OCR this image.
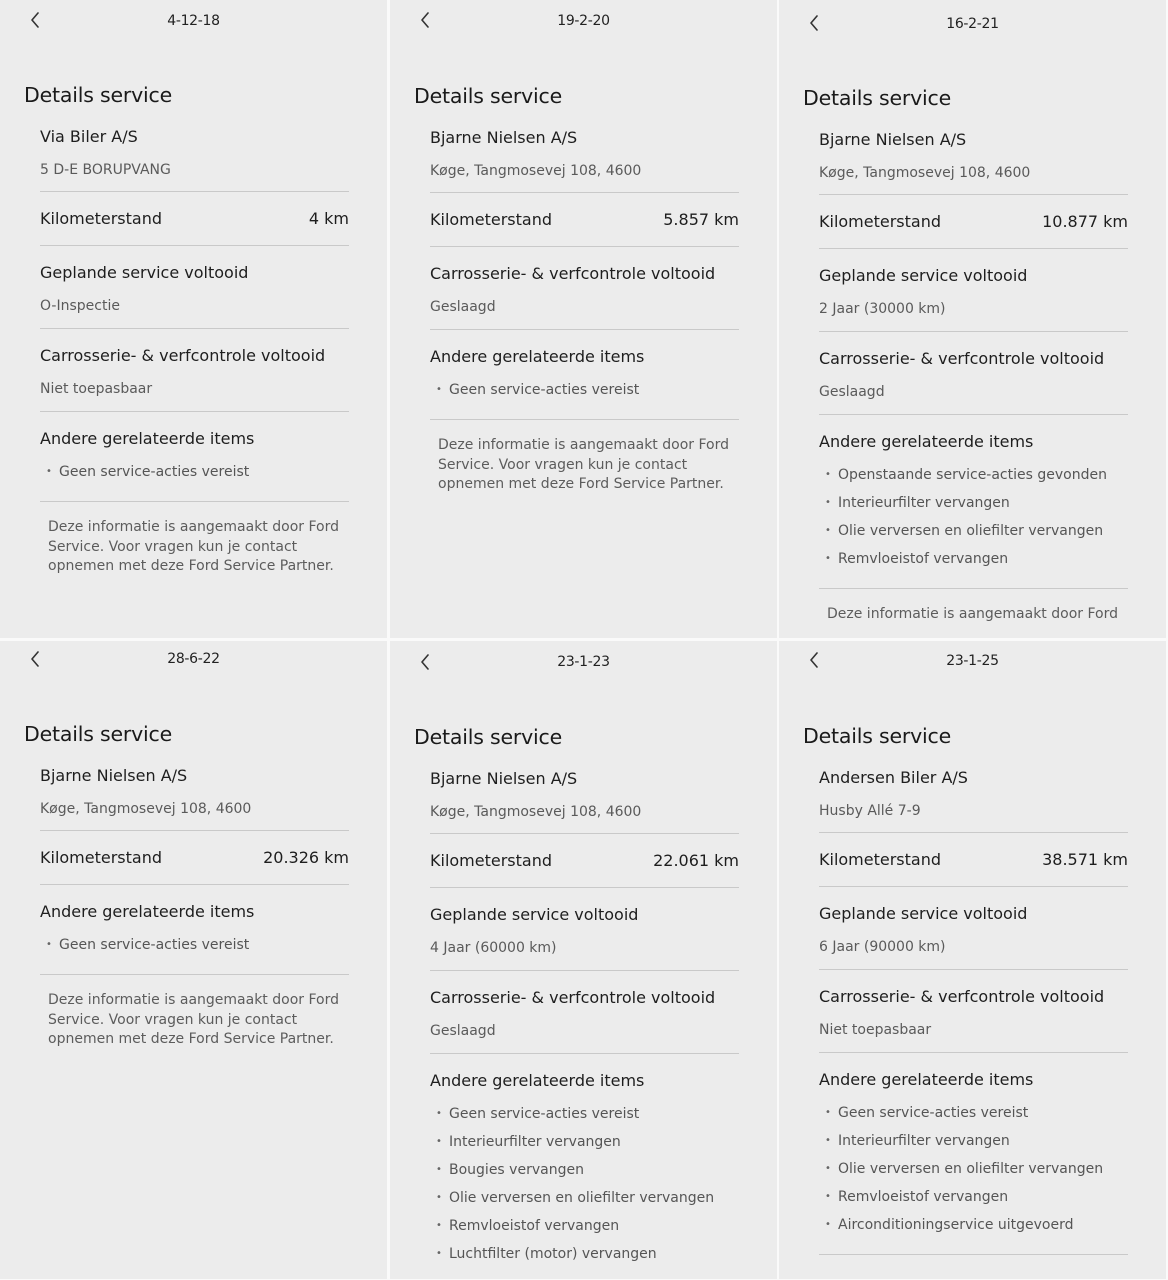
4-12-18
Details service
Via Biler A/S
5 D-E BORUPVANG
Kilometerstand	4 km
Geplande service voltooid
O-Inspectie
Carrosserie- & verfcontrole voltooid
Niet toepasbaar
Andere gerelateerde items
• Geen service-acties vereist
Deze informatie is aangemaakt door Ford Service. Voor vragen kun je contact opnemen met deze Ford Service Partner.
19-2-20
Details service
Bjarne Nielsen A/S
Køge, Tangmosevej 108, 4600
Kilometerstand	5.857 km
Carrosserie- & verfcontrole voltooid
Geslaagd
Andere gerelateerde items
• Geen service-acties vereist
Deze informatie is aangemaakt door Ford Service. Voor vragen kun je contact opnemen met deze Ford Service Partner.
16-2-21
Details service
Bjarne Nielsen A/S
Køge, Tangmosevej 108, 4600
Kilometerstand	10.877 km
Geplande service voltooid
2 Jaar (30000 km)
Carrosserie- & verfcontrole voltooid
Geslaagd
Andere gerelateerde items
• Openstaande service-acties gevonden
• Interieurfilter vervangen
• Olie verversen en oliefilter vervangen
• Remvloeistof vervangen
Deze informatie is aangemaakt door Ford
28-6-22
Details service
Bjarne Nielsen A/S
Køge, Tangmosevej 108, 4600
Kilometerstand	20.326 km
Andere gerelateerde items
• Geen service-acties vereist
Deze informatie is aangemaakt door Ford Service. Voor vragen kun je contact opnemen met deze Ford Service Partner.
23-1-23
Details service
Bjarne Nielsen A/S
Køge, Tangmosevej 108, 4600
Kilometerstand	22.061 km
Geplande service voltooid
4 Jaar (60000 km)
Carrosserie- & verfcontrole voltooid
Geslaagd
Andere gerelateerde items
• Geen service-acties vereist
• Interieurfilter vervangen
• Bougies vervangen
• Olie verversen en oliefilter vervangen
• Remvloeistof vervangen
• Luchtfilter (motor) vervangen
23-1-25
Details service
Andersen Biler A/S
Husby Allé 7-9
Kilometerstand	38.571 km
Geplande service voltooid
6 Jaar (90000 km)
Carrosserie- & verfcontrole voltooid
Niet toepasbaar
Andere gerelateerde items
• Geen service-acties vereist
• Interieurfilter vervangen
• Olie verversen en oliefilter vervangen
• Remvloeistof vervangen
• Airconditioningservice uitgevoerd
